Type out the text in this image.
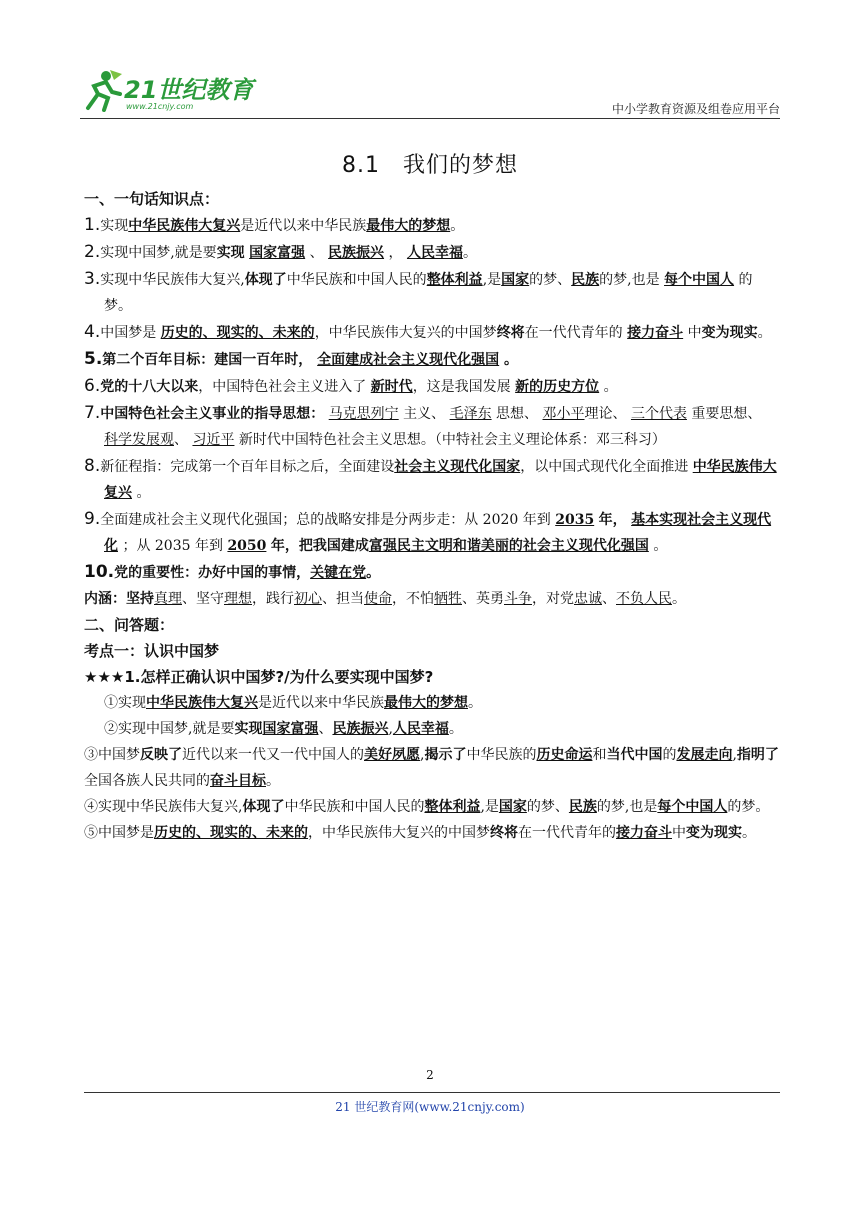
21世纪教育
www.21cnjy.com	中小学教育资源及组卷应用平台
8.1　我们的梦想

一、一句话知识点：

1.实现中华民族伟大复兴是近代以来中华民族最伟大的梦想。

2.实现中国梦,就是要实现 国家富强 、 民族振兴 ， 人民幸福。

3.实现中华民族伟大复兴,体现了中华民族和中国人民的整体利益,是国家的梦、民族的梦,也是 每个中国人 的梦。

4.中国梦是 历史的、现实的、未来的，中华民族伟大复兴的中国梦终将在一代代青年的 接力奋斗 中变为现实。

5.第二个百年目标：建国一百年时， 全面建成社会主义现代化强国 。

6.党的十八大以来，中国特色社会主义进入了 新时代，这是我国发展 新的历史方位 。

7.中国特色社会主义事业的指导思想： 马克思列宁 主义、 毛泽东 思想、 邓小平理论、 三个代表 重要思想、 科学发展观、 习近平 新时代中国特色社会主义思想。（中特社会主义理论体系：邓三科习）

8.新征程指：完成第一个百年目标之后，全面建设社会主义现代化国家，以中国式现代化全面推进 中华民族伟大复兴 。

9.全面建成社会主义现代化强国；总的战略安排是分两步走：从 2020 年到 2035 年， 基本实现社会主义现代化 ；从 2035 年到 2050 年，把我国建成富强民主文明和谐美丽的社会主义现代化强国 。

10.党的重要性：办好中国的事情，关键在党。

内涵：坚持真理、坚守理想，践行初心、担当使命，不怕牺牲、英勇斗争，对党忠诚、不负人民。

二、问答题：

考点一：认识中国梦

★★★1.怎样正确认识中国梦?/为什么要实现中国梦?

①实现中华民族伟大复兴是近代以来中华民族最伟大的梦想。

②实现中国梦,就是要实现国家富强、民族振兴,人民幸福。

③中国梦反映了近代以来一代又一代中国人的美好夙愿,揭示了中华民族的历史命运和当代中国的发展走向,指明了全国各族人民共同的奋斗目标。

④实现中华民族伟大复兴,体现了中华民族和中国人民的整体利益,是国家的梦、民族的梦,也是每个中国人的梦。

⑤中国梦是历史的、现实的、未来的，中华民族伟大复兴的中国梦终将在一代代青年的接力奋斗中变为现实。

2
21 世纪教育网(www.21cnjy.com)
